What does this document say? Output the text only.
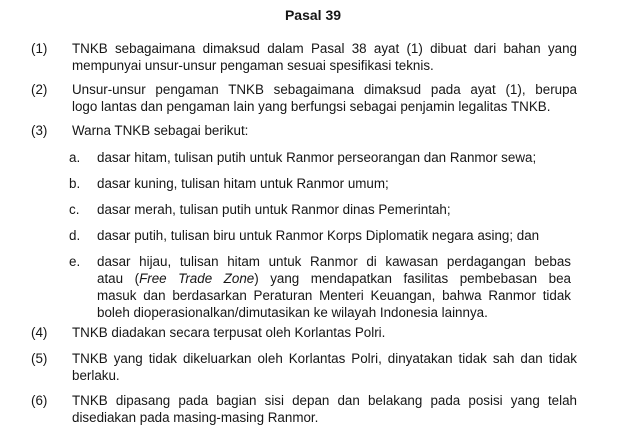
Pasal 39
(1) TNKB sebagaimana dimaksud dalam Pasal 38 ayat (1) dibuat dari bahan yang
mempunyai unsur-unsur pengaman sesuai spesifikasi teknis.
(2) Unsur-unsur pengaman TNKB sebagaimana dimaksud pada ayat (1), berupa
logo lantas dan pengaman lain yang berfungsi sebagai penjamin legalitas TNKB.
(3) Warna TNKB sebagai berikut:
a. dasar hitam, tulisan putih untuk Ranmor perseorangan dan Ranmor sewa;
b. dasar kuning, tulisan hitam untuk Ranmor umum;
c. dasar merah, tulisan putih untuk Ranmor dinas Pemerintah;
d. dasar putih, tulisan biru untuk Ranmor Korps Diplomatik negara asing; dan
e. dasar hijau, tulisan hitam untuk Ranmor di kawasan perdagangan bebas
atau (Free Trade Zone) yang mendapatkan fasilitas pembebasan bea
masuk dan berdasarkan Peraturan Menteri Keuangan, bahwa Ranmor tidak
boleh dioperasionalkan/dimutasikan ke wilayah Indonesia lainnya.
(4) TNKB diadakan secara terpusat oleh Korlantas Polri.
(5) TNKB yang tidak dikeluarkan oleh Korlantas Polri, dinyatakan tidak sah dan tidak
berlaku.
(6) TNKB dipasang pada bagian sisi depan dan belakang pada posisi yang telah
disediakan pada masing-masing Ranmor.
